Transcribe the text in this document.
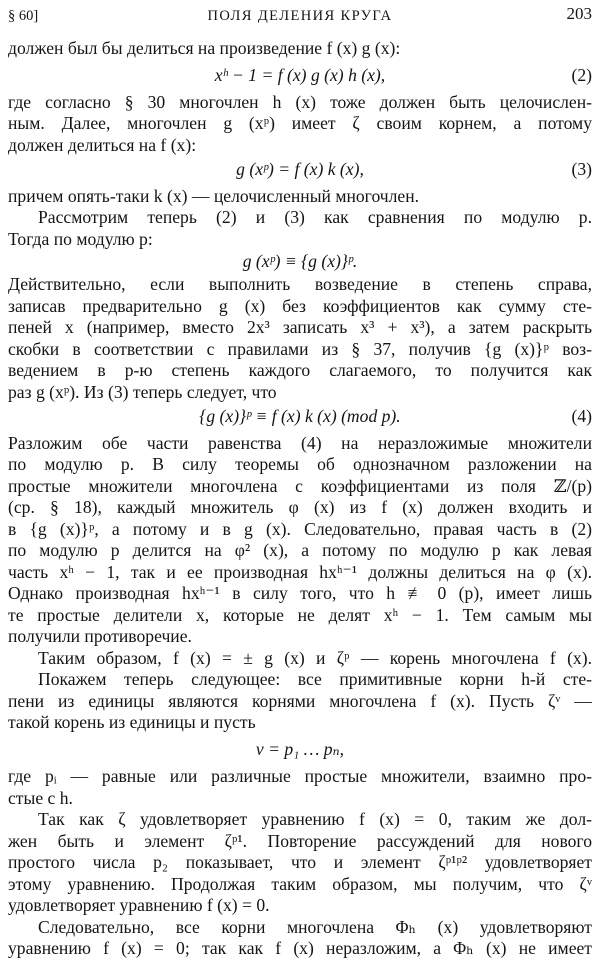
§ 60]	ПОЛЯ ДЕЛЕНИЯ КРУГА	203
должен был бы делиться на произведение f (x) g (x):
xʰ − 1 = f (x) g (x) h (x),	(2)
где согласно § 30 многочлен h (x) тоже должен быть целочислен-
ным. Далее, многочлен g (xᵖ) имеет ζ своим корнем, а потому
должен делиться на f (x):
g (xᵖ) = f (x) k (x),	(3)
причем опять-таки k (x) — целочисленный многочлен.
Рассмотрим теперь (2) и (3) как сравнения по модулю p.
Тогда по модулю p:
g (xᵖ) ≡ {g (x)}ᵖ.
Действительно, если выполнить возведение в степень справа,
записав предварительно g (x) без коэффициентов как сумму сте-
пеней x (например, вместо 2x³ записать x³ + x³), а затем раскрыть
скобки в соответствии с правилами из § 37, получив {g (x)}ᵖ воз-
ведением в p-ю степень каждого слагаемого, то получится как
раз g (xᵖ). Из (3) теперь следует, что
{g (x)}ᵖ ≡ f (x) k (x) (mod p).	(4)
Разложим обе части равенства (4) на неразложимые множители
по модулю p. В силу теоремы об однозначном разложении на
простые множители многочлена с коэффициентами из поля ℤ/(p)
(ср. § 18), каждый множитель φ (x) из f (x) должен входить и
в {g (x)}ᵖ, а потому и в g (x). Следовательно, правая часть в (2)
по модулю p делится на φ² (x), а потому по модулю p как левая
часть xʰ − 1, так и ее производная hxʰ⁻¹ должны делиться на φ (x).
Однако производная hxʰ⁻¹ в силу того, что h ≢ 0 (p), имеет лишь
те простые делители x, которые не делят xʰ − 1. Тем самым мы
получили противоречие.
Таким образом, f (x) = ± g (x) и ζᵖ — корень многочлена f (x).
Покажем теперь следующее: все примитивные корни h-й сте-
пени из единицы являются корнями многочлена f (x). Пусть ζᵛ —
такой корень из единицы и пусть
ν = p₁ … pₙ,
где pᵢ — равные или различные простые множители, взаимно про-
стые с h.
Так как ζ удовлетворяет уравнению f (x) = 0, таким же дол-
жен быть и элемент ζᵖ¹. Повторение рассуждений для нового
простого числа p₂ показывает, что и элемент ζᵖ¹ᵖ² удовлетворяет
этому уравнению. Продолжая таким образом, мы получим, что ζᵛ
удовлетворяет уравнению f (x) = 0.
Следовательно, все корни многочлена Φₕ (x) удовлетворяют
уравнению f (x) = 0; так как f (x) неразложим, а Φₕ (x) не имеет
